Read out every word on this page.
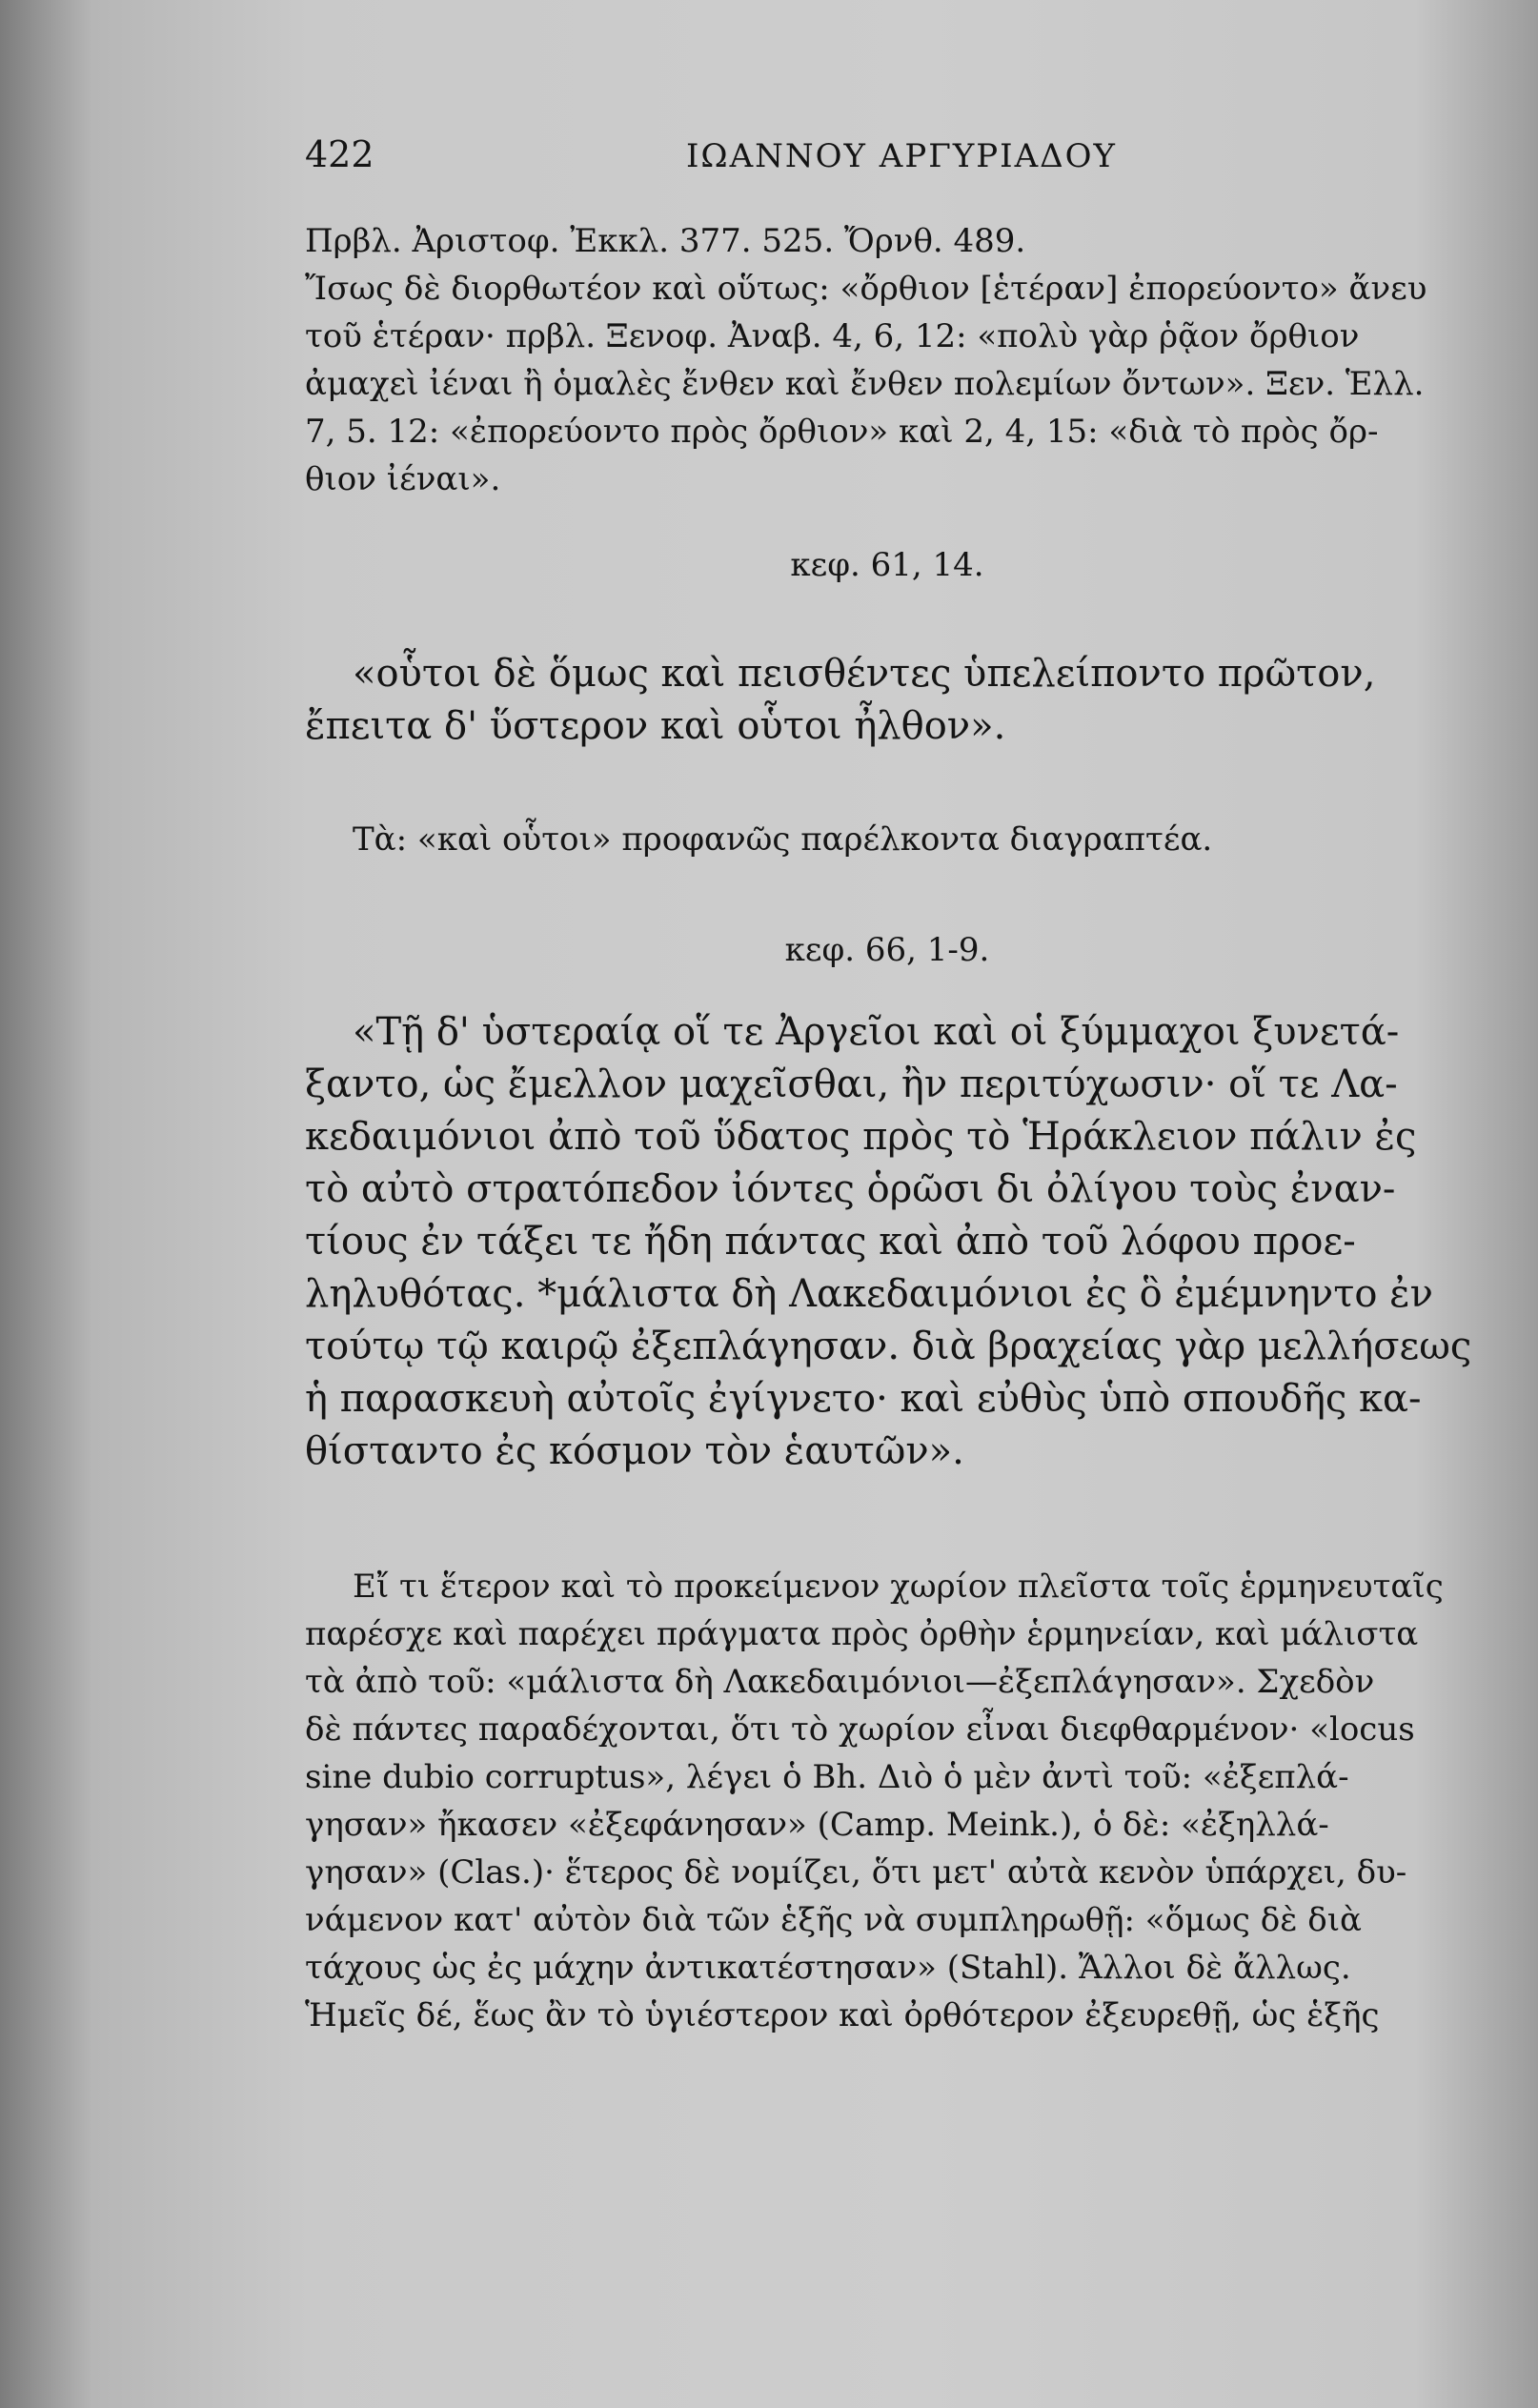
422	ΙΩΑΝΝΟΥ ΑΡΓΥΡΙΑΔΟΥ

Πρβλ. Ἀριστοφ. Ἐκκλ. 377. 525. Ὄρνθ. 489.

Ἴσως δὲ διορθωτέον καὶ οὕτως: «ὄρθιον [ἑτέραν] ἐπορεύοντο» ἄνευ

τοῦ ἑτέραν· πρβλ. Ξενοφ. Ἀναβ. 4, 6, 12: «πολὺ γὰρ ῥᾷον ὄρθιον

ἀμαχεὶ ἰέναι ἢ ὁμαλὲς ἔνθεν καὶ ἔνθεν πολεμίων ὄντων». Ξεν. Ἑλλ.

7, 5. 12: «ἐπορεύοντο πρὸς ὄρθιον» καὶ 2, 4, 15: «διὰ τὸ πρὸς ὄρ-

θιον ἰέναι».

κεφ. 61, 14.

«οὗτοι δὲ ὅμως καὶ πεισθέντες ὑπελείποντο πρῶτον,

ἔπειτα δ' ὕστερον καὶ οὗτοι ἦλθον».

Τὰ: «καὶ οὗτοι» προφανῶς παρέλκοντα διαγραπτέα.

κεφ. 66, 1-9.

«Τῇ δ' ὑστεραίᾳ οἵ τε Ἀργεῖοι καὶ οἱ ξύμμαχοι ξυνετά-

ξαντο, ὡς ἔμελλον μαχεῖσθαι, ἢν περιτύχωσιν· οἵ τε Λα-

κεδαιμόνιοι ἀπὸ τοῦ ὕδατος πρὸς τὸ Ἡράκλειον πάλιν ἐς

τὸ αὐτὸ στρατόπεδον ἰόντες ὁρῶσι δι ὀλίγου τοὺς ἐναν-

τίους ἐν τάξει τε ἤδη πάντας καὶ ἀπὸ τοῦ λόφου προε-

ληλυθότας. *μάλιστα δὴ Λακεδαιμόνιοι ἐς ὃ ἐμέμνηντο ἐν

τούτῳ τῷ καιρῷ ἐξεπλάγησαν. διὰ βραχείας γὰρ μελλήσεως

ἡ παρασκευὴ αὐτοῖς ἐγίγνετο· καὶ εὐθὺς ὑπὸ σπουδῆς κα-

θίσταντο ἐς κόσμον τὸν ἑαυτῶν».

Εἴ τι ἕτερον καὶ τὸ προκείμενον χωρίον πλεῖστα τοῖς ἑρμηνευταῖς

παρέσχε καὶ παρέχει πράγματα πρὸς ὀρθὴν ἑρμηνείαν, καὶ μάλιστα

τὰ ἀπὸ τοῦ: «μάλιστα δὴ Λακεδαιμόνιοι—ἐξεπλάγησαν». Σχεδὸν

δὲ πάντες παραδέχονται, ὅτι τὸ χωρίον εἶναι διεφθαρμένον· «locus

sine dubio corruptus», λέγει ὁ Bh. Διὸ ὁ μὲν ἀντὶ τοῦ: «ἐξεπλά-

γησαν» ἤκασεν «ἐξεφάνησαν» (Camp. Meink.), ὁ δὲ: «ἐξηλλά-

γησαν» (Clas.)· ἕτερος δὲ νομίζει, ὅτι μετ' αὐτὰ κενὸν ὑπάρχει, δυ-

νάμενον κατ' αὐτὸν διὰ τῶν ἑξῆς νὰ συμπληρωθῇ: «ὅμως δὲ διὰ

τάχους ὡς ἐς μάχην ἀντικατέστησαν» (Stahl). Ἄλλοι δὲ ἄλλως.

Ἡμεῖς δέ, ἕως ἂν τὸ ὑγιέστερον καὶ ὀρθότερον ἐξευρεθῇ, ὡς ἑξῆς
